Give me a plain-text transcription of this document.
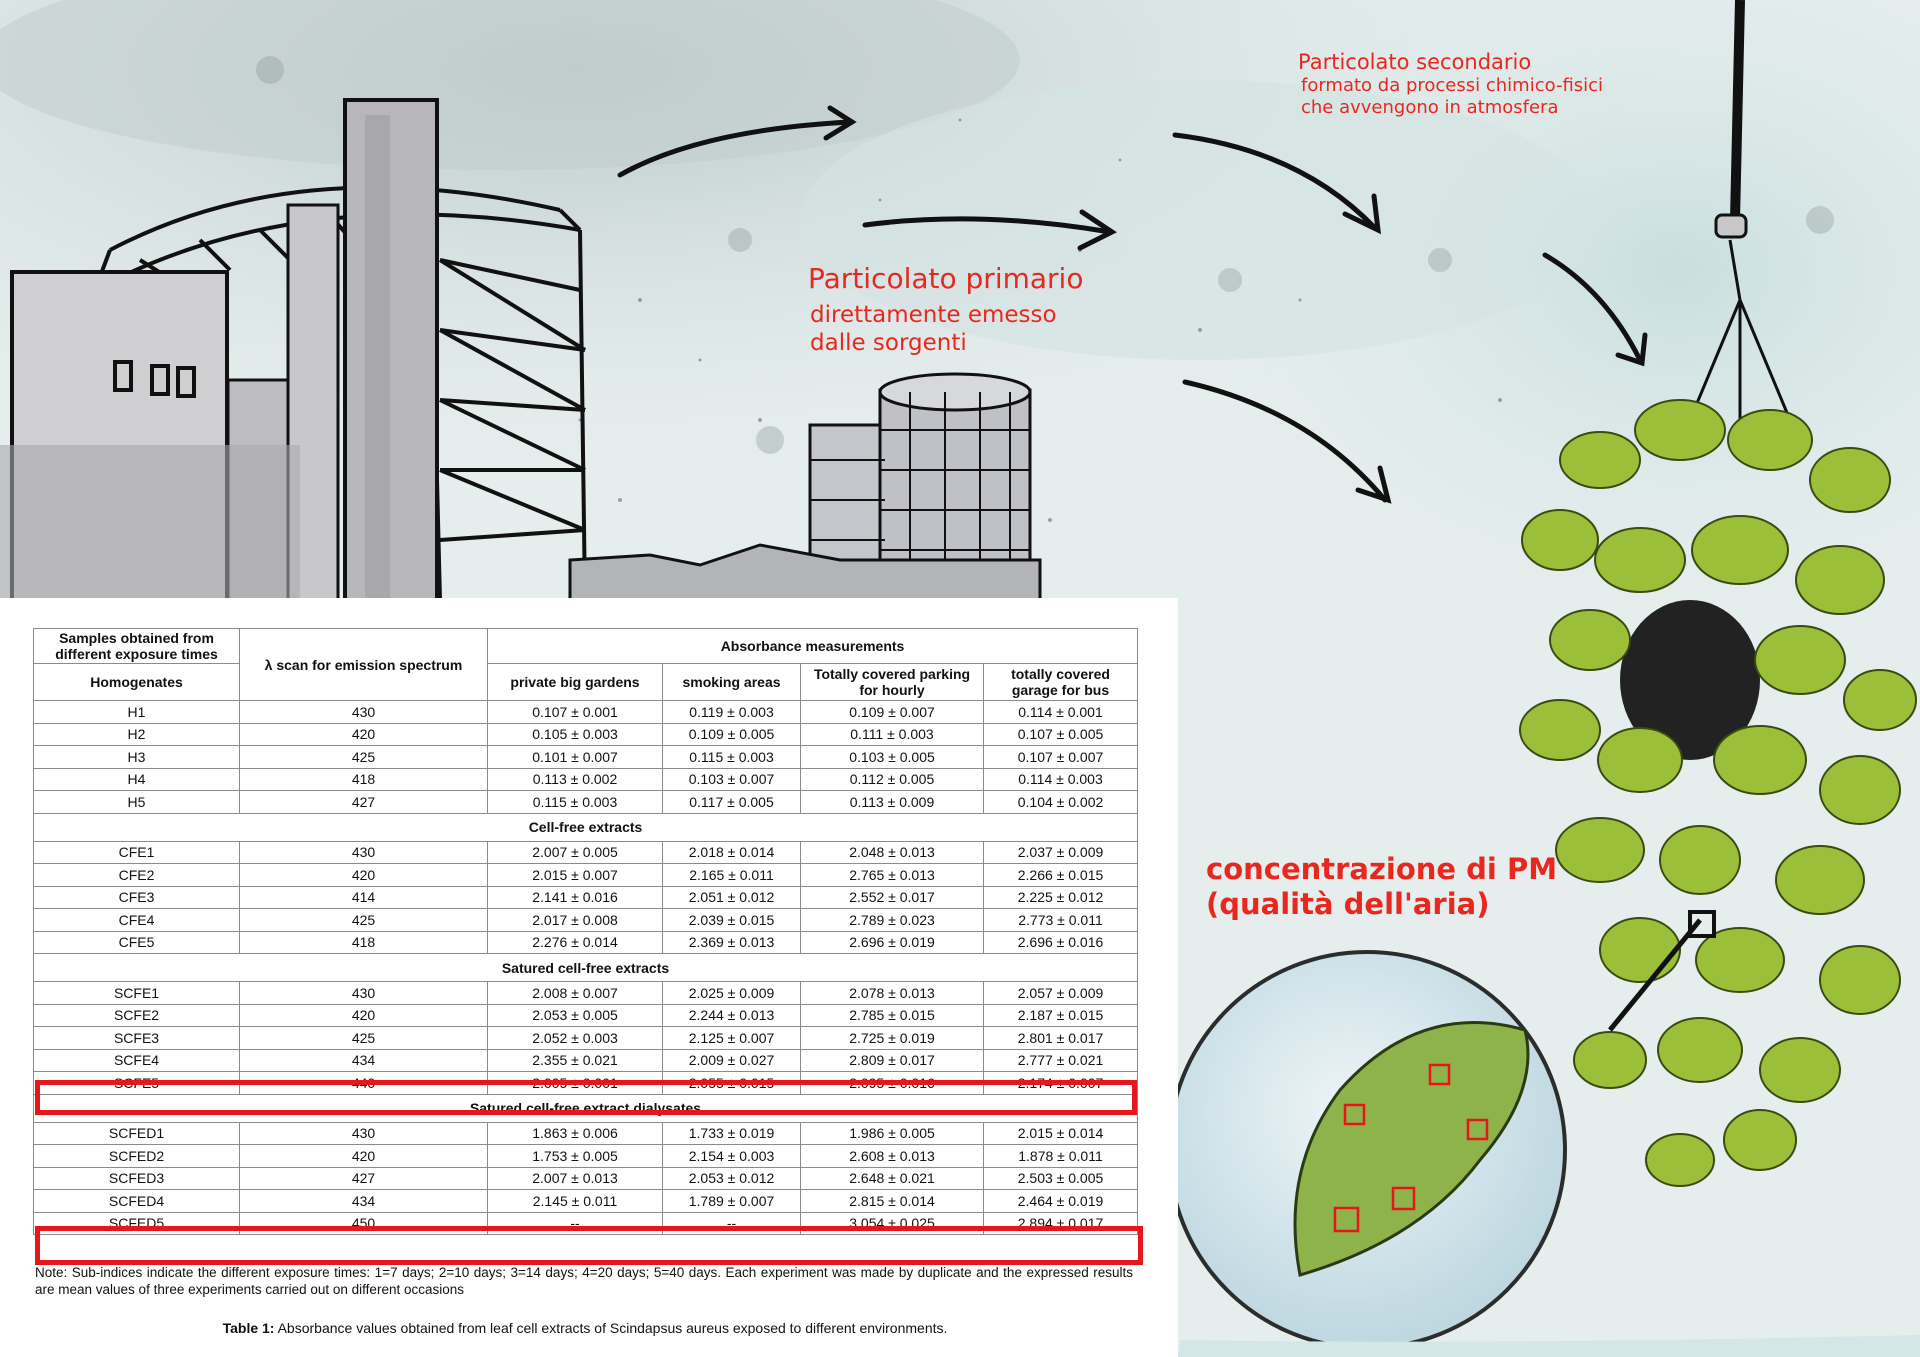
Particolato primario
direttamente emesso
dalle sorgenti
Particolato secondario
formato da processi chimico-fisici
che avvengono in atmosfera
concentrazione di PM
(qualità dell'aria)
Samples obtained from different exposure times	λ scan for emission spectrum	Absorbance measurements			
Homogenates		private big gardens	smoking areas	Totally covered parking for hourly	totally covered garage for bus
H1	430	0.107 ± 0.001	0.119 ± 0.003	0.109 ± 0.007	0.114 ± 0.001
H2	420	0.105 ± 0.003	0.109 ± 0.005	0.111 ± 0.003	0.107 ± 0.005
H3	425	0.101 ± 0.007	0.115 ± 0.003	0.103 ± 0.005	0.107 ± 0.007
H4	418	0.113 ± 0.002	0.103 ± 0.007	0.112 ± 0.005	0.114 ± 0.003
H5	427	0.115 ± 0.003	0.117 ± 0.005	0.113 ± 0.009	0.104 ± 0.002
Cell-free extracts					
CFE1	430	2.007 ± 0.005	2.018 ± 0.014	2.048 ± 0.013	2.037 ± 0.009
CFE2	420	2.015 ± 0.007	2.165 ± 0.011	2.765 ± 0.013	2.266 ± 0.015
CFE3	414	2.141 ± 0.016	2.051 ± 0.012	2.552 ± 0.017	2.225 ± 0.012
CFE4	425	2.017 ± 0.008	2.039 ± 0.015	2.789 ± 0.023	2.773 ± 0.011
CFE5	418	2.276 ± 0.014	2.369 ± 0.013	2.696 ± 0.019	2.696 ± 0.016
Satured cell-free extracts					
SCFE1	430	2.008 ± 0.007	2.025 ± 0.009	2.078 ± 0.013	2.057 ± 0.009
SCFE2	420	2.053 ± 0.005	2.244 ± 0.013	2.785 ± 0.015	2.187 ± 0.015
SCFE3	425	2.052 ± 0.003	2.125 ± 0.007	2.725 ± 0.019	2.801 ± 0.017
SCFE4	434	2.355 ± 0.021	2.009 ± 0.027	2.809 ± 0.017	2.777 ± 0.021
SCFE5	440	2.005 ± 0.001	2.055 ± 0.015	2.095 ± 0.016	2.174 ± 0.007
Satured cell-free extract dialysates					
SCFED1	430	1.863 ± 0.006	1.733 ± 0.019	1.986 ± 0.005	2.015 ± 0.014
SCFED2	420	1.753 ± 0.005	2.154 ± 0.003	2.608 ± 0.013	1.878 ± 0.011
SCFED3	427	2.007 ± 0.013	2.053 ± 0.012	2.648 ± 0.021	2.503 ± 0.005
SCFED4	434	2.145 ± 0.011	1.789 ± 0.007	2.815 ± 0.014	2.464 ± 0.019
SCFED5	450	--	--	3.054 ± 0.025	2.894 ± 0.017
Note: Sub-indices indicate the different exposure times: 1=7 days; 2=10 days; 3=14 days; 4=20 days; 5=40 days. Each experiment was made by duplicate and the expressed results are mean values of three experiments carried out on different occasions
Table 1: Absorbance values obtained from leaf cell extracts of Scindapsus aureus exposed to different environments.
